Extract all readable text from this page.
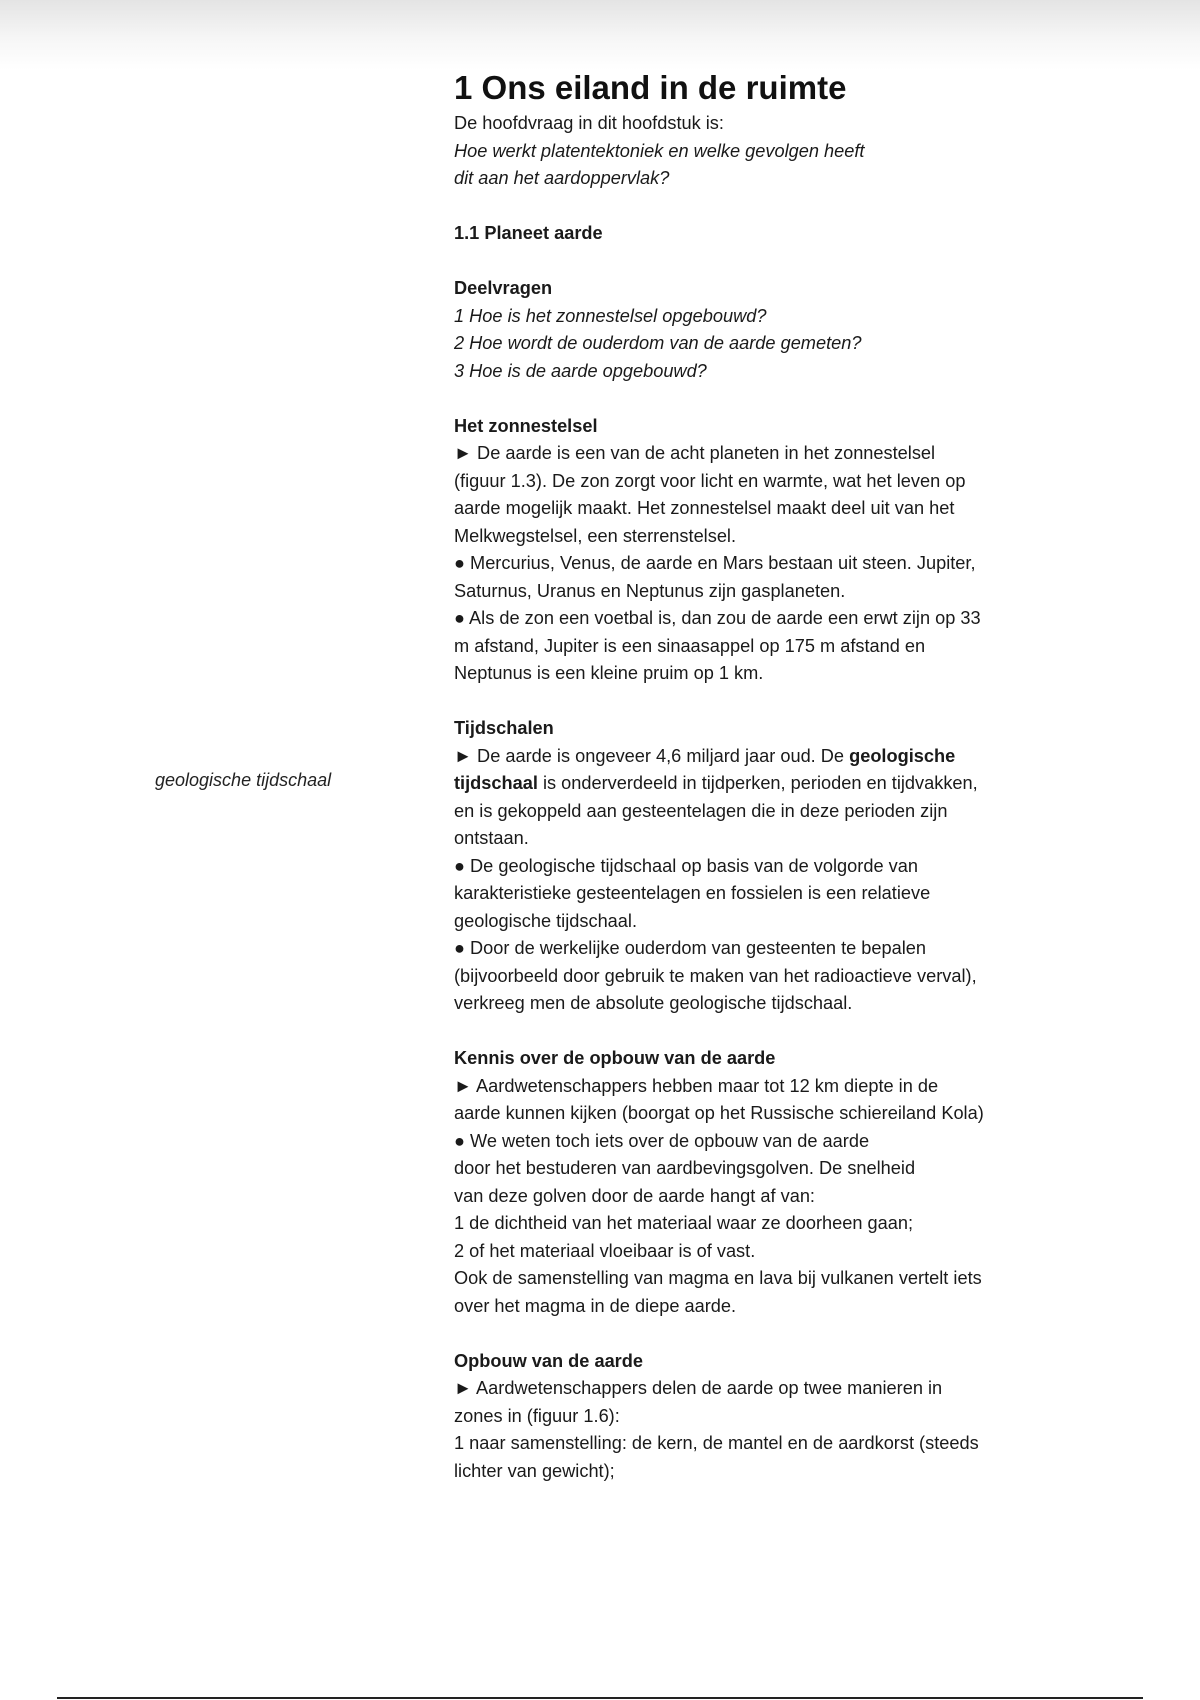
geologische tijdschaal
1 Ons eiland in de ruimte

De hoofdvraag in dit hoofdstuk is:

Hoe werkt platentektoniek en welke gevolgen heeft

dit aan het aardoppervlak?

1.1 Planeet aarde

Deelvragen

1 Hoe is het zonnestelsel opgebouwd?

2 Hoe wordt de ouderdom van de aarde gemeten?

3 Hoe is de aarde opgebouwd?

Het zonnestelsel

► De aarde is een van de acht planeten in het zonnestelsel

(figuur 1.3). De zon zorgt voor licht en warmte, wat het leven op

aarde mogelijk maakt. Het zonnestelsel maakt deel uit van het

Melkwegstelsel, een sterrenstelsel.

● Mercurius, Venus, de aarde en Mars bestaan uit steen. Jupiter,

Saturnus, Uranus en Neptunus zijn gasplaneten.

● Als de zon een voetbal is, dan zou de aarde een erwt zijn op 33

m afstand, Jupiter is een sinaasappel op 175 m afstand en

Neptunus is een kleine pruim op 1 km.

Tijdschalen

► De aarde is ongeveer 4,6 miljard jaar oud. De geologische

tijdschaal is onderverdeeld in tijdperken, perioden en tijdvakken,

en is gekoppeld aan gesteentelagen die in deze perioden zijn

ontstaan.

● De geologische tijdschaal op basis van de volgorde van

karakteristieke gesteentelagen en fossielen is een relatieve

geologische tijdschaal.

● Door de werkelijke ouderdom van gesteenten te bepalen

(bijvoorbeeld door gebruik te maken van het radioactieve verval),

verkreeg men de absolute geologische tijdschaal.

Kennis over de opbouw van de aarde

► Aardwetenschappers hebben maar tot 12 km diepte in de

aarde kunnen kijken (boorgat op het Russische schiereiland Kola)

● We weten toch iets over de opbouw van de aarde

door het bestuderen van aardbevingsgolven. De snelheid

van deze golven door de aarde hangt af van:

1 de dichtheid van het materiaal waar ze doorheen gaan;

2 of het materiaal vloeibaar is of vast.

Ook de samenstelling van magma en lava bij vulkanen vertelt iets

over het magma in de diepe aarde.

Opbouw van de aarde

► Aardwetenschappers delen de aarde op twee manieren in

zones in (figuur 1.6):

1 naar samenstelling: de kern, de mantel en de aardkorst (steeds

lichter van gewicht);
